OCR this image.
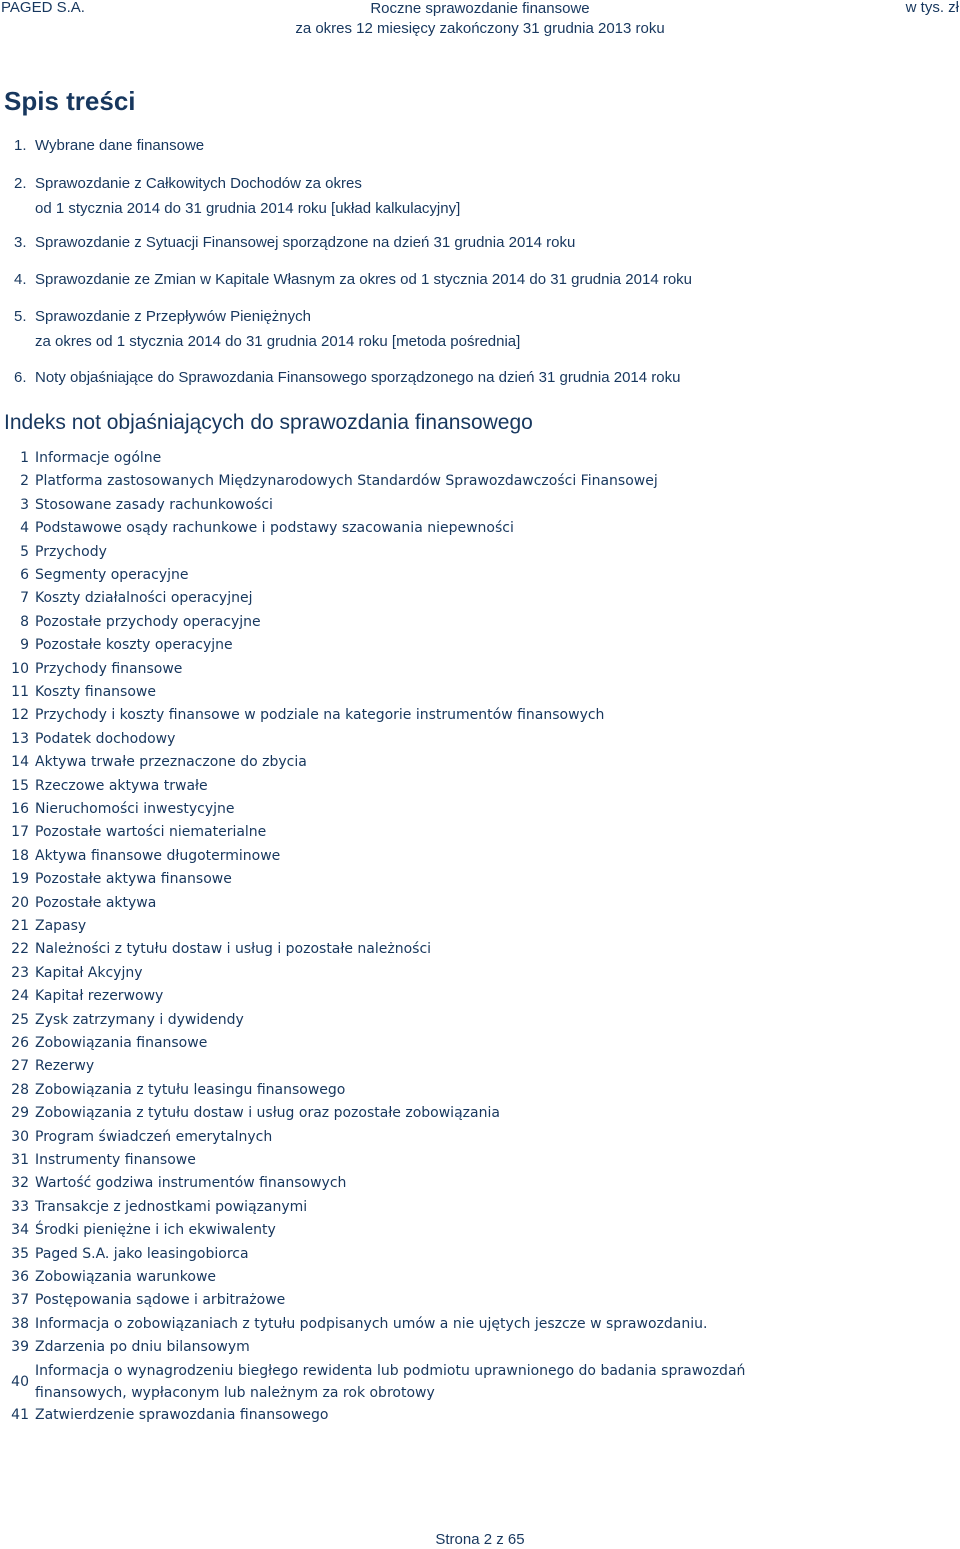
PAGED S.A.	Roczne sprawozdanie finansowe
za okres 12 miesięcy zakończony 31 grudnia 2013 roku
w tys. zł
Spis treści
1. Wybrane dane finansowe
2. Sprawozdanie z Całkowitych Dochodów za okres
od 1 stycznia 2014 do 31 grudnia 2014 roku [układ kalkulacyjny]
3. Sprawozdanie z Sytuacji Finansowej sporządzone na dzień 31 grudnia 2014 roku
4. Sprawozdanie ze Zmian w Kapitale Własnym za okres od 1 stycznia 2014 do 31 grudnia 2014 roku
5. Sprawozdanie z Przepływów Pieniężnych
za okres od 1 stycznia 2014 do 31 grudnia 2014 roku [metoda pośrednia]
6. Noty objaśniające do Sprawozdania Finansowego sporządzonego na dzień 31 grudnia 2014 roku
Indeks not objaśniających do sprawozdania finansowego
1 Informacje ogólne
2 Platforma zastosowanych Międzynarodowych Standardów Sprawozdawczości Finansowej
3 Stosowane zasady rachunkowości
4 Podstawowe osądy rachunkowe i podstawy szacowania niepewności
5 Przychody
6 Segmenty operacyjne
7 Koszty działalności operacyjnej
8 Pozostałe przychody operacyjne
9 Pozostałe koszty operacyjne
10 Przychody finansowe
11 Koszty finansowe
12 Przychody i koszty finansowe w podziale na kategorie instrumentów finansowych
13 Podatek dochodowy
14 Aktywa trwałe przeznaczone do zbycia
15 Rzeczowe aktywa trwałe
16 Nieruchomości inwestycyjne
17 Pozostałe wartości niematerialne
18 Aktywa finansowe długoterminowe
19 Pozostałe aktywa finansowe
20 Pozostałe aktywa
21 Zapasy
22 Należności z tytułu dostaw i usług i pozostałe należności
23 Kapitał Akcyjny
24 Kapitał rezerwowy
25 Zysk zatrzymany i dywidendy
26 Zobowiązania finansowe
27 Rezerwy
28 Zobowiązania z tytułu leasingu finansowego
29 Zobowiązania z tytułu dostaw i usług oraz pozostałe zobowiązania
30 Program świadczeń emerytalnych
31 Instrumenty finansowe
32 Wartość godziwa instrumentów finansowych
33 Transakcje z jednostkami powiązanymi
34 Środki pieniężne i ich ekwiwalenty
35 Paged S.A. jako leasingobiorca
36 Zobowiązania warunkowe
37 Postępowania sądowe i arbitrażowe
38 Informacja o zobowiązaniach z tytułu podpisanych umów a nie ujętych jeszcze w sprawozdaniu.
39 Zdarzenia po dniu bilansowym
40
Informacja o wynagrodzeniu biegłego rewidenta lub podmiotu uprawnionego do badania sprawozdań
finansowych, wypłaconym lub należnym za rok obrotowy
41 Zatwierdzenie sprawozdania finansowego
Strona 2 z 65
